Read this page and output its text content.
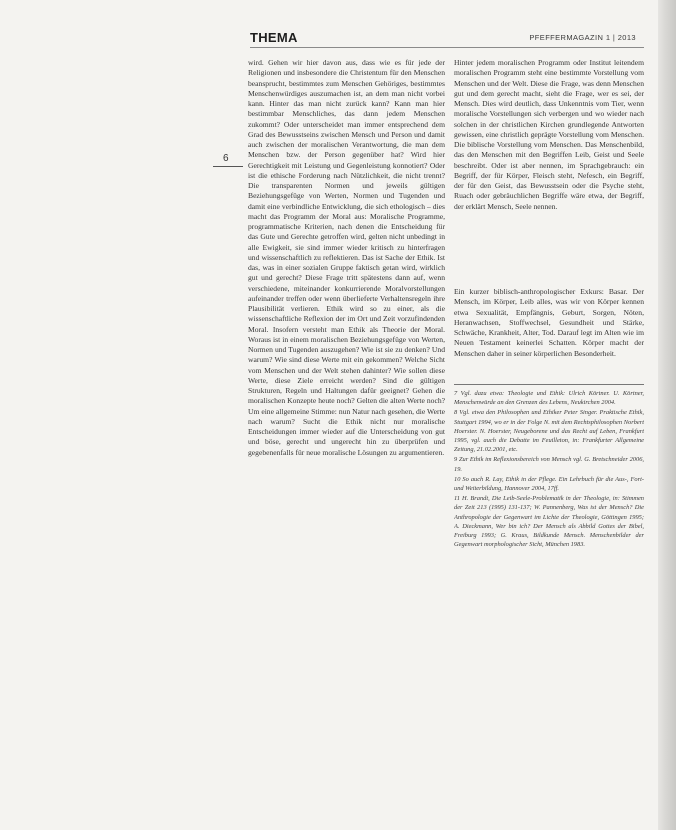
THEMA	PFEFFERMAGAZIN 1 | 2013
6

wird. Gehen wir hier davon aus, dass wie es für jede der Religionen und insbesondere die Christentum für den Menschen beansprucht, bestimmtes zum Menschen Gehöriges, bestimmtes Menschenwürdiges auszumachen ist, an dem man nicht vorbei kann. Hinter das man nicht zurück kann? Kann man hier bestimmbar Menschliches, das dann jedem Menschen zukommt? Oder unterscheidet man immer entsprechend dem Grad des Bewusstseins zwischen Mensch und Person und damit auch zwischen der moralischen Verantwortung, die man dem Menschen bzw. der Person gegenüber hat? Wird hier Gerechtigkeit mit Leistung und Gegenleistung konnotiert? Oder ist die ethische Forderung nach Nützlichkeit, die nicht trennt? Die transparenten Normen und jeweils gültigen Beziehungsgefüge von Werten, Normen und Tugenden und damit eine verbindliche Entwicklung, die sich ethologisch – dies macht das Programm der Moral aus: Moralische Programme, programmatische Kriterien, nach denen die Entscheidung für das Gute und Gerechte getroffen wird, gelten nicht unbedingt in alle Ewigkeit, sie sind immer wieder kritisch zu hinterfragen und wissenschaftlich zu reflektieren. Das ist Sache der Ethik. Ist das, was in einer sozialen Gruppe faktisch getan wird, wirklich gut und gerecht? Diese Frage tritt spätestens dann auf, wenn verschiedene, miteinander konkurrierende Moralvorstellungen aufeinander treffen oder wenn überlieferte Verhaltensregeln ihre Plausibilität verlieren. Ethik wird so zu einer, als die wissenschaftliche Reflexion der im Ort und Zeit vorzufindenden Moral. Insofern versteht man Ethik als Theorie der Moral. Woraus ist in einem moralischen Beziehungsgefüge von Werten, Normen und Tugenden auszugehen? Wie ist sie zu denken? Und warum? Wie sind diese Werte mit ein gekommen? Welche Sicht vom Menschen und der Welt stehen dahinter? Wie sollen diese Werte, diese Ziele erreicht werden? Sind die gültigen Strukturen, Regeln und Haltungen dafür geeignet? Gehen die moralischen Konzepte heute noch? Gelten die alten Werte noch? Um eine allgemeine Stimme: nun Natur nach gesehen, die Werte nach warum? Sucht die Ethik nicht nur moralische Entscheidungen immer wieder auf die Unterscheidung von gut und böse, gerecht und ungerecht hin zu überprüfen und gegebenenfalls für neue moralische Lösungen zu argumentieren.

Hinter jedem moralischen Programm oder Institut leitendem moralischen Programm steht eine bestimmte Vorstellung vom Menschen und der Welt. Diese die Frage, was denn Menschen gut und dem gerecht macht, sieht die Frage, wer es sei, der Mensch. Dies wird deutlich, dass Unkenntnis vom Tier, wenn moralische Vorstellungen sich verbergen und wo wieder nach solchen in der christlichen Kirchen grundlegende Antworten gewissen, eine christlich geprägte Vorstellung vom Menschen. Die biblische Vorstellung vom Menschen. Das Menschenbild, das den Menschen mit den Begriffen Leib, Geist und Seele beschreibt. Oder ist aber nennen, im Sprachgebrauch: ein Begriff, der für Körper, Fleisch steht, Nefesch, ein Begriff, der für den Geist, das Bewusstsein oder die Psyche steht, Ruach oder gebräuchlichen Begriffe wäre etwa, der Begriff, der erklärt Mensch, Seele nennen.

Ein kurzer biblisch-anthropologischer Exkurs: Basar. Der Mensch, im Körper, Leib alles, was wir von Körper kennen etwa Sexualität, Empfängnis, Geburt, Sorgen, Nöten, Heranwachsen, Stoffwechsel, Gesundheit und Stärke, Schwäche, Krankheit, Alter, Tod. Darauf legt im Alten wie im Neuen Testament keinerlei Schatten. Körper macht der Menschen daher in seiner körperlichen Besonderheit.

7 Vgl. dazu etwa: Theologie und Ethik: Ulrich Körtner. U. Körtner, Menschenwürde an den Grenzen des Lebens, Neukirchen 2004.
8 Vgl. etwa den Philosophen und Ethiker Peter Singer. Praktische Ethik, Stuttgart 1994, wo er in der Folge N. mit dem Rechtsphilosophen Norbert Hoerster. N. Hoerster, Neugeborene und das Recht auf Leben, Frankfurt 1995, vgl. auch die Debatte im Feuilleton, in: Frankfurter Allgemeine Zeitung, 21.02.2001, etc.
9 Zur Ethik im Reflexionsbereich von Mensch vgl. G. Bretschneider 2006, 19.
10 So auch R. Lay, Ethik in der Pflege. Ein Lehrbuch für die Aus-, Fort- und Weiterbildung, Hannover 2004, 17ff.
11 H. Brandt, Die Leib-Seele-Problematik in der Theologie, in: Stimmen der Zeit 213 (1995) 131-137; W. Pannenberg, Was ist der Mensch? Die Anthropologie der Gegenwart im Lichte der Theologie, Göttingen 1995; A. Dieckmann, Wer bin ich? Der Mensch als Abbild Gottes der Bibel, Freiburg 1993; G. Kraus, Bildkunde Mensch. Menschenbilder der Gegenwart morphologischer Sicht, München 1983.
